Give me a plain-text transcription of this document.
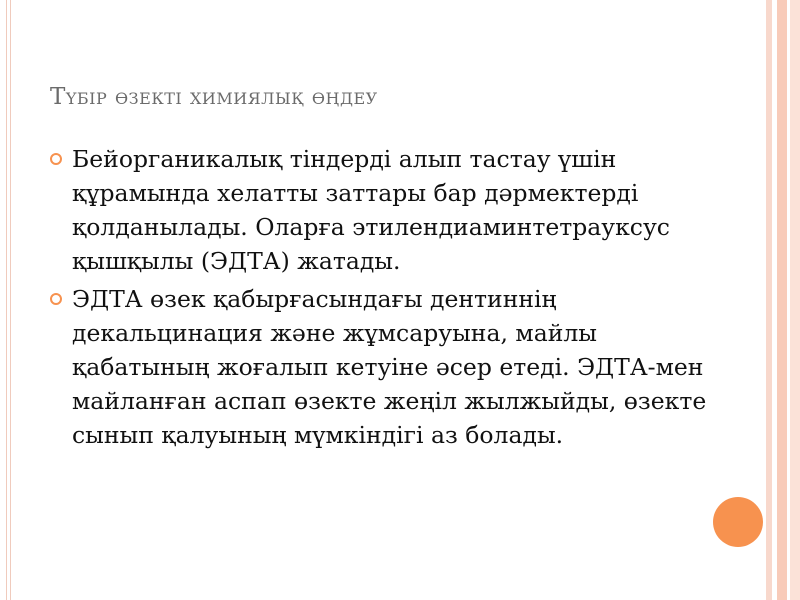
Түбір өзекті химиялық өңдеу
Бейорганикалық тіндерді алып тастау үшін құрамында хелатты заттары бар дәрмектерді қолданылады. Оларға этилендиаминтетрауксус қышқылы (ЭДТА) жатады.
ЭДТА өзек қабырғасындағы дентиннің декальцинация және жұмсаруына, майлы қабатының жоғалып кетуіне әсер етеді. ЭДТА-мен майланған аспап өзекте жеңіл жылжыйды, өзекте сынып қалуының мүмкіндігі аз болады.
